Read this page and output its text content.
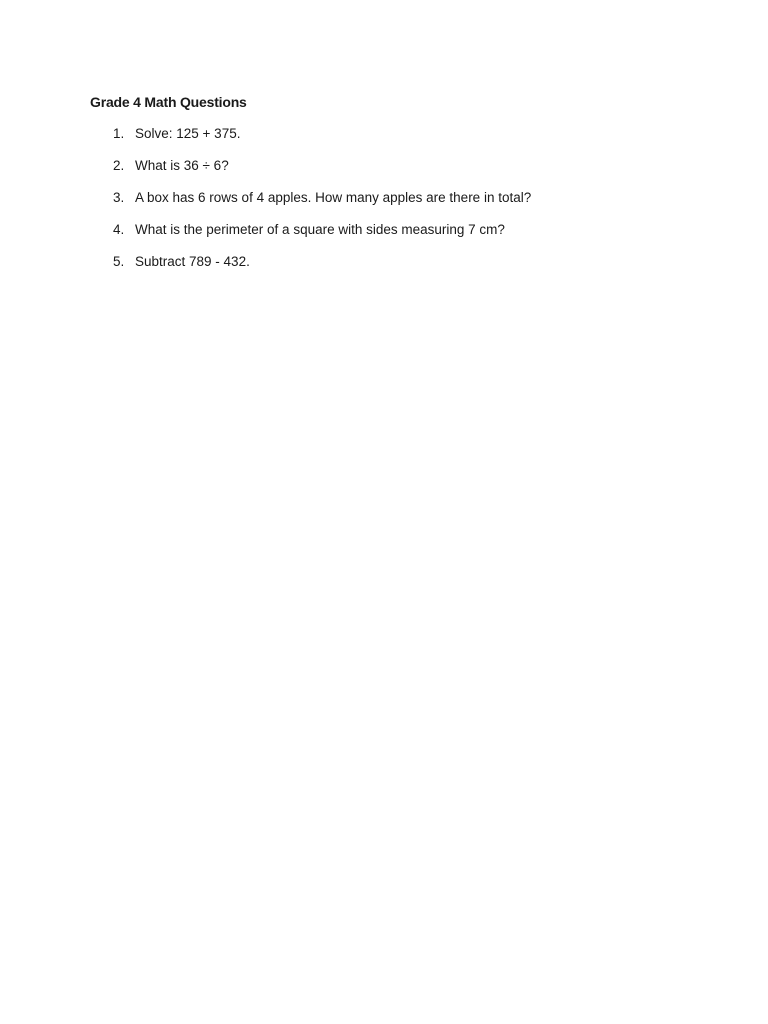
Grade 4 Math Questions
1. Solve: 125 + 375.
2. What is 36 ÷ 6?
3. A box has 6 rows of 4 apples. How many apples are there in total?
4. What is the perimeter of a square with sides measuring 7 cm?
5. Subtract 789 - 432.
